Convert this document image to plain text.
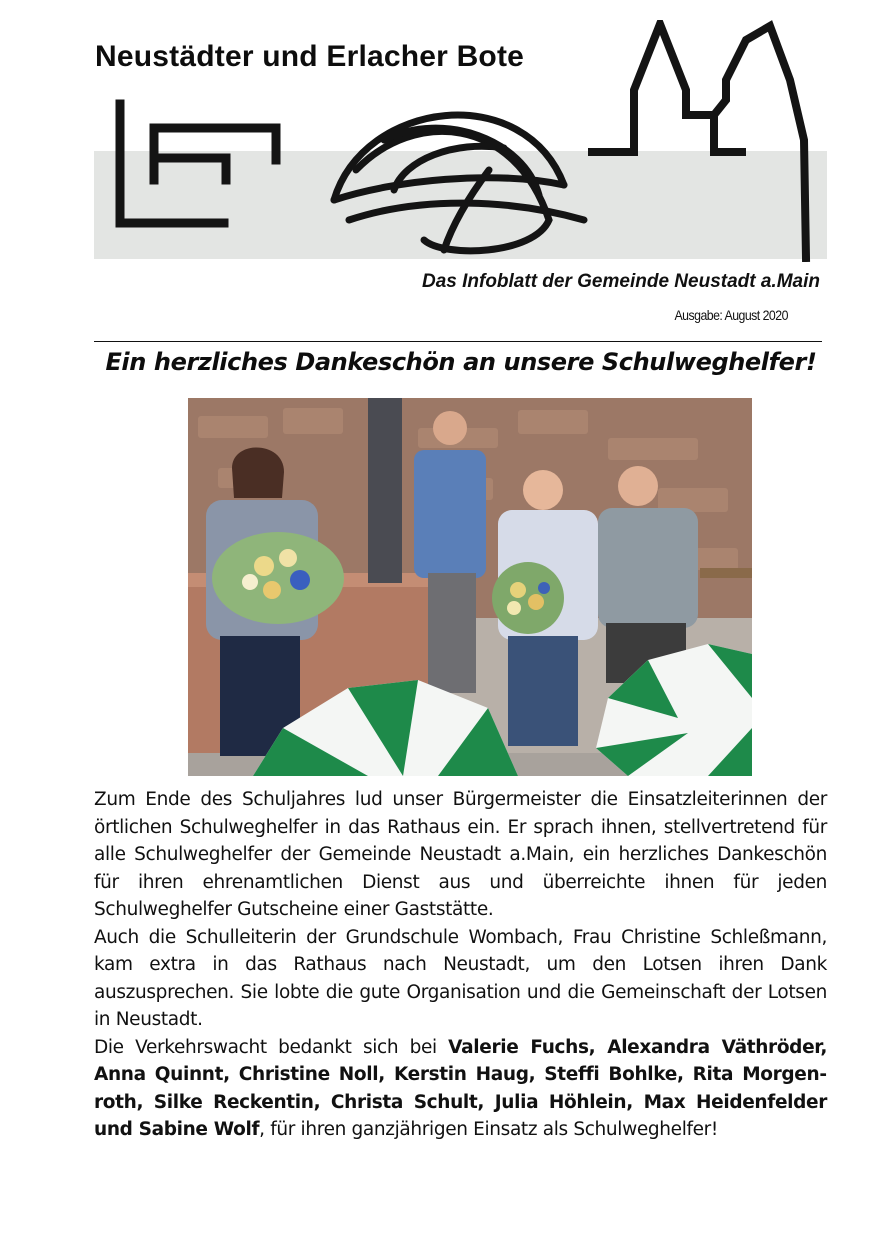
Neustädter und Erlacher Bote

Das Infoblatt der Gemeinde Neustadt a.Main

Ausgabe: August 2020

Ein herzliches Dankeschön an unsere Schulweghelfer!

Zum Ende des Schuljahres lud unser Bürgermeister die Einsatzleiterinnen der örtlichen Schulweghelfer in das Rathaus ein. Er sprach ihnen, stellvertretend für alle Schulweghelfer der Gemeinde Neustadt a.Main, ein herzliches Dankeschön für ihren ehrenamtlichen Dienst aus und überreichte ihnen für jeden Schulweghelfer Gutscheine einer Gaststätte.

Auch die Schulleiterin der Grundschule Wombach, Frau Christine Schleßmann, kam extra in das Rathaus nach Neustadt, um den Lotsen ihren Dank auszusprechen. Sie lobte die gute Organisation und die Gemeinschaft der Lotsen in Neustadt.

Die Verkehrswacht bedankt sich bei Valerie Fuchs, Alexandra Väthröder, Anna Quinnt, Christine Noll, Kerstin Haug, Steffi Bohlke, Rita Morgenroth, Silke Reckentin, Christa Schult, Julia Höhlein, Max Heidenfelder und Sabine Wolf, für ihren ganzjährigen Einsatz als Schulweghelfer!
